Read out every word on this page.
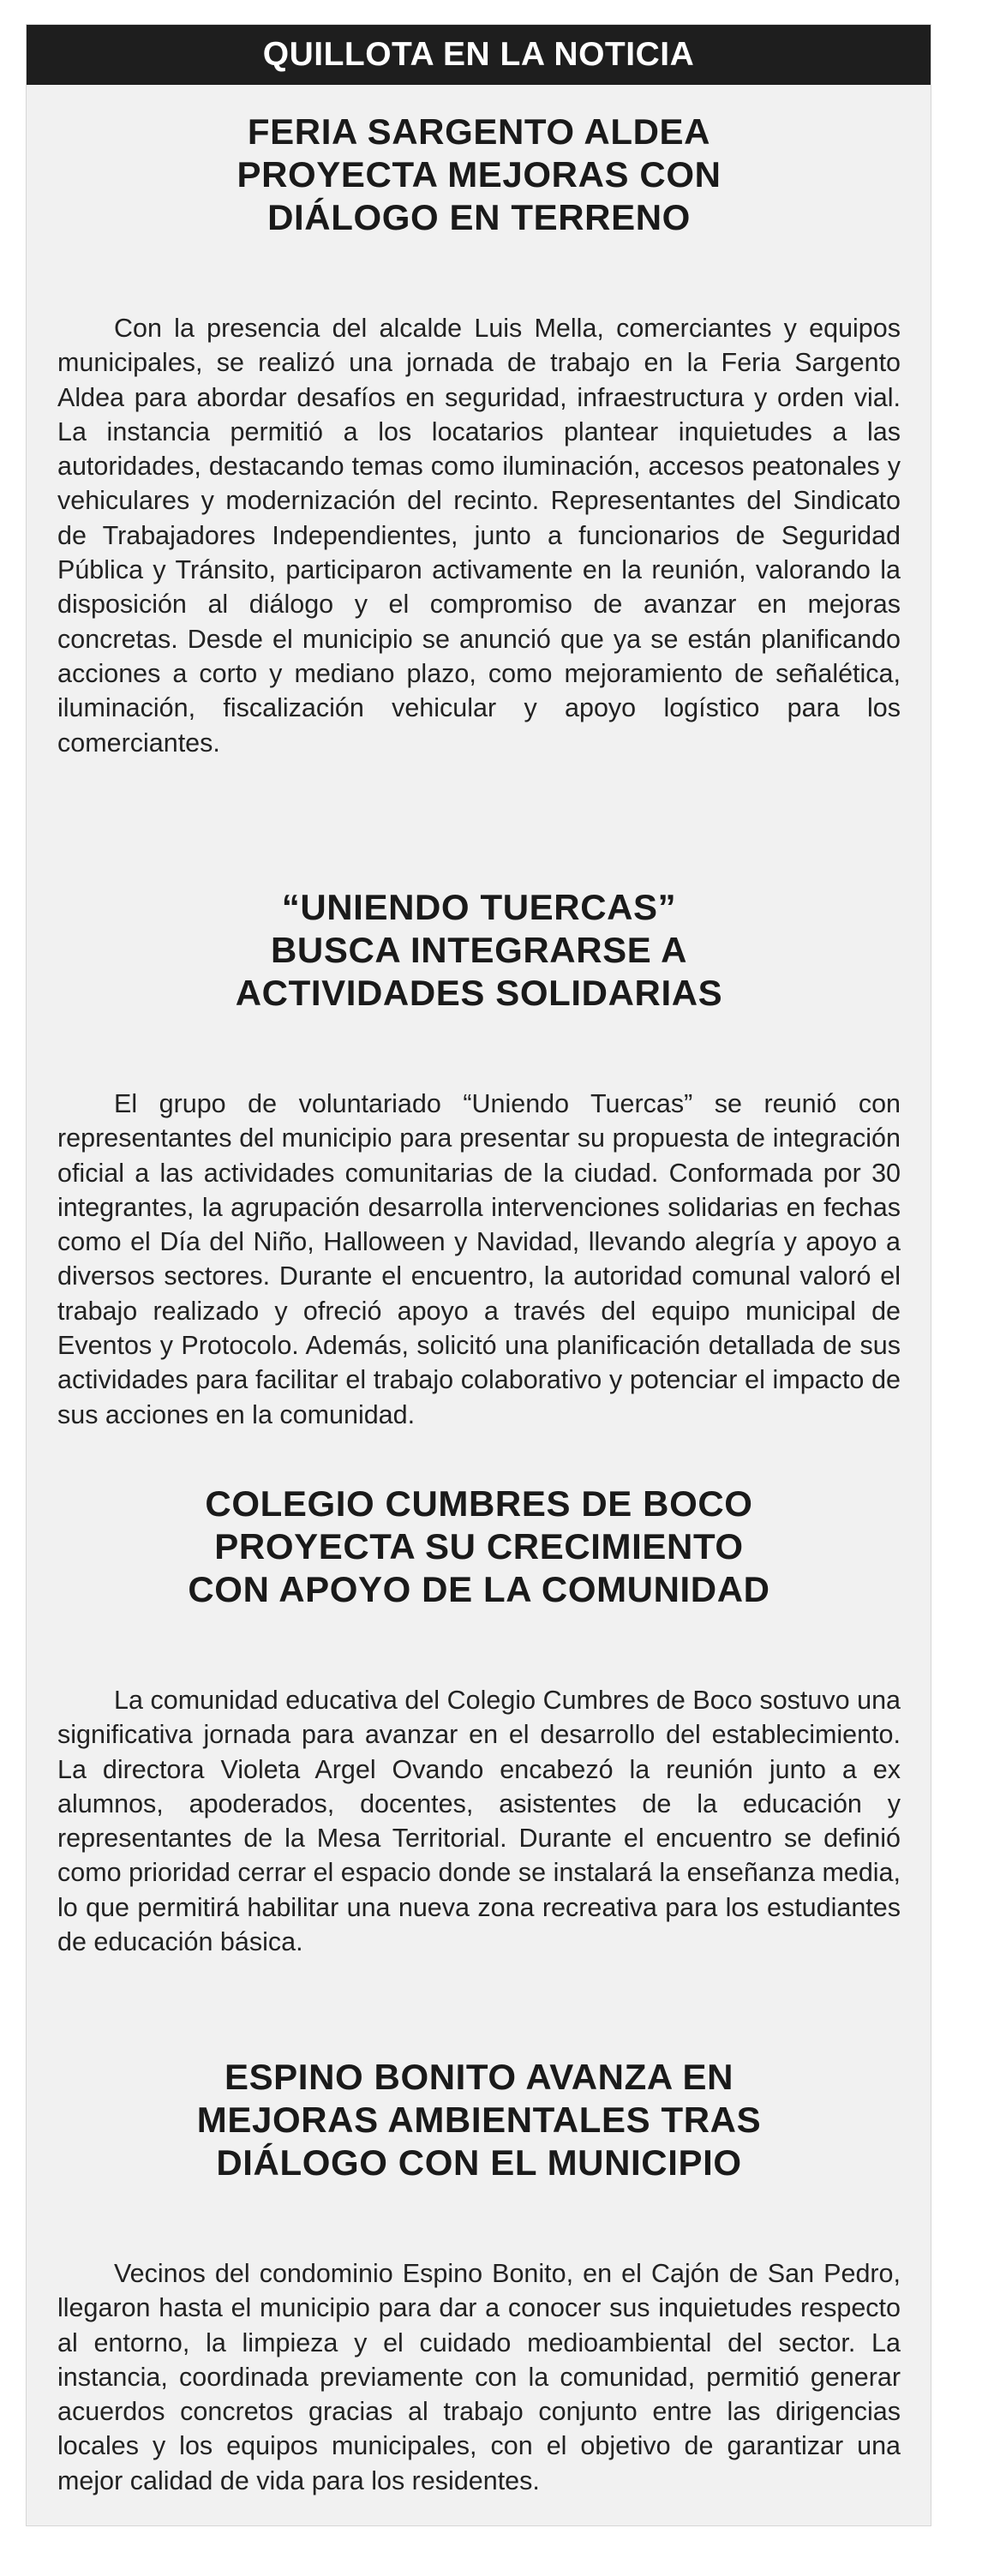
QUILLOTA EN LA NOTICIA
FERIA SARGENTO ALDEA
PROYECTA MEJORAS CON
DIÁLOGO EN TERRENO

Con la presencia del alcalde Luis Mella, comerciantes y equipos municipales, se realizó una jornada de trabajo en la Feria Sargento Aldea para abordar desafíos en seguridad, infraestructura y orden vial. La instancia permitió a los locatarios plantear inquietudes a las autoridades, destacando temas como iluminación, accesos peatonales y vehiculares y modernización del recinto. Representantes del Sindicato de Trabajadores Independientes, junto a funcionarios de Seguridad Pública y Tránsito, participaron activamente en la reunión, valorando la disposición al diálogo y el compromiso de avanzar en mejoras concretas. Desde el municipio se anunció que ya se están planificando acciones a corto y mediano plazo, como mejoramiento de señalética, iluminación, fiscalización vehicular y apoyo logístico para los comerciantes.

“UNIENDO TUERCAS”
BUSCA INTEGRARSE A
ACTIVIDADES SOLIDARIAS

El grupo de voluntariado “Uniendo Tuercas” se reunió con representantes del municipio para presentar su propuesta de integración oficial a las actividades comunitarias de la ciudad. Conformada por 30 integrantes, la agrupación desarrolla intervenciones solidarias en fechas como el Día del Niño, Halloween y Navidad, llevando alegría y apoyo a diversos sectores. Durante el encuentro, la autoridad comunal valoró el trabajo realizado y ofreció apoyo a través del equipo municipal de Eventos y Protocolo. Además, solicitó una planificación detallada de sus actividades para facilitar el trabajo colaborativo y potenciar el impacto de sus acciones en la comunidad.

COLEGIO CUMBRES DE BOCO
PROYECTA SU CRECIMIENTO
CON APOYO DE LA COMUNIDAD

La comunidad educativa del Colegio Cumbres de Boco sostuvo una significativa jornada para avanzar en el desarrollo del establecimiento. La directora Violeta Argel Ovando encabezó la reunión junto a ex alumnos, apoderados, docentes, asistentes de la educación y representantes de la Mesa Territorial. Durante el encuentro se definió como prioridad cerrar el espacio donde se instalará la enseñanza media, lo que permitirá habilitar una nueva zona recreativa para los estudiantes de educación básica.

ESPINO BONITO AVANZA EN
MEJORAS AMBIENTALES TRAS
DIÁLOGO CON EL MUNICIPIO

Vecinos del condominio Espino Bonito, en el Cajón de San Pedro, llegaron hasta el municipio para dar a conocer sus inquietudes respecto al entorno, la limpieza y el cuidado medioambiental del sector. La instancia, coordinada previamente con la comunidad, permitió generar acuerdos concretos gracias al trabajo conjunto entre las dirigencias locales y los equipos municipales, con el objetivo de garantizar una mejor calidad de vida para los residentes.
